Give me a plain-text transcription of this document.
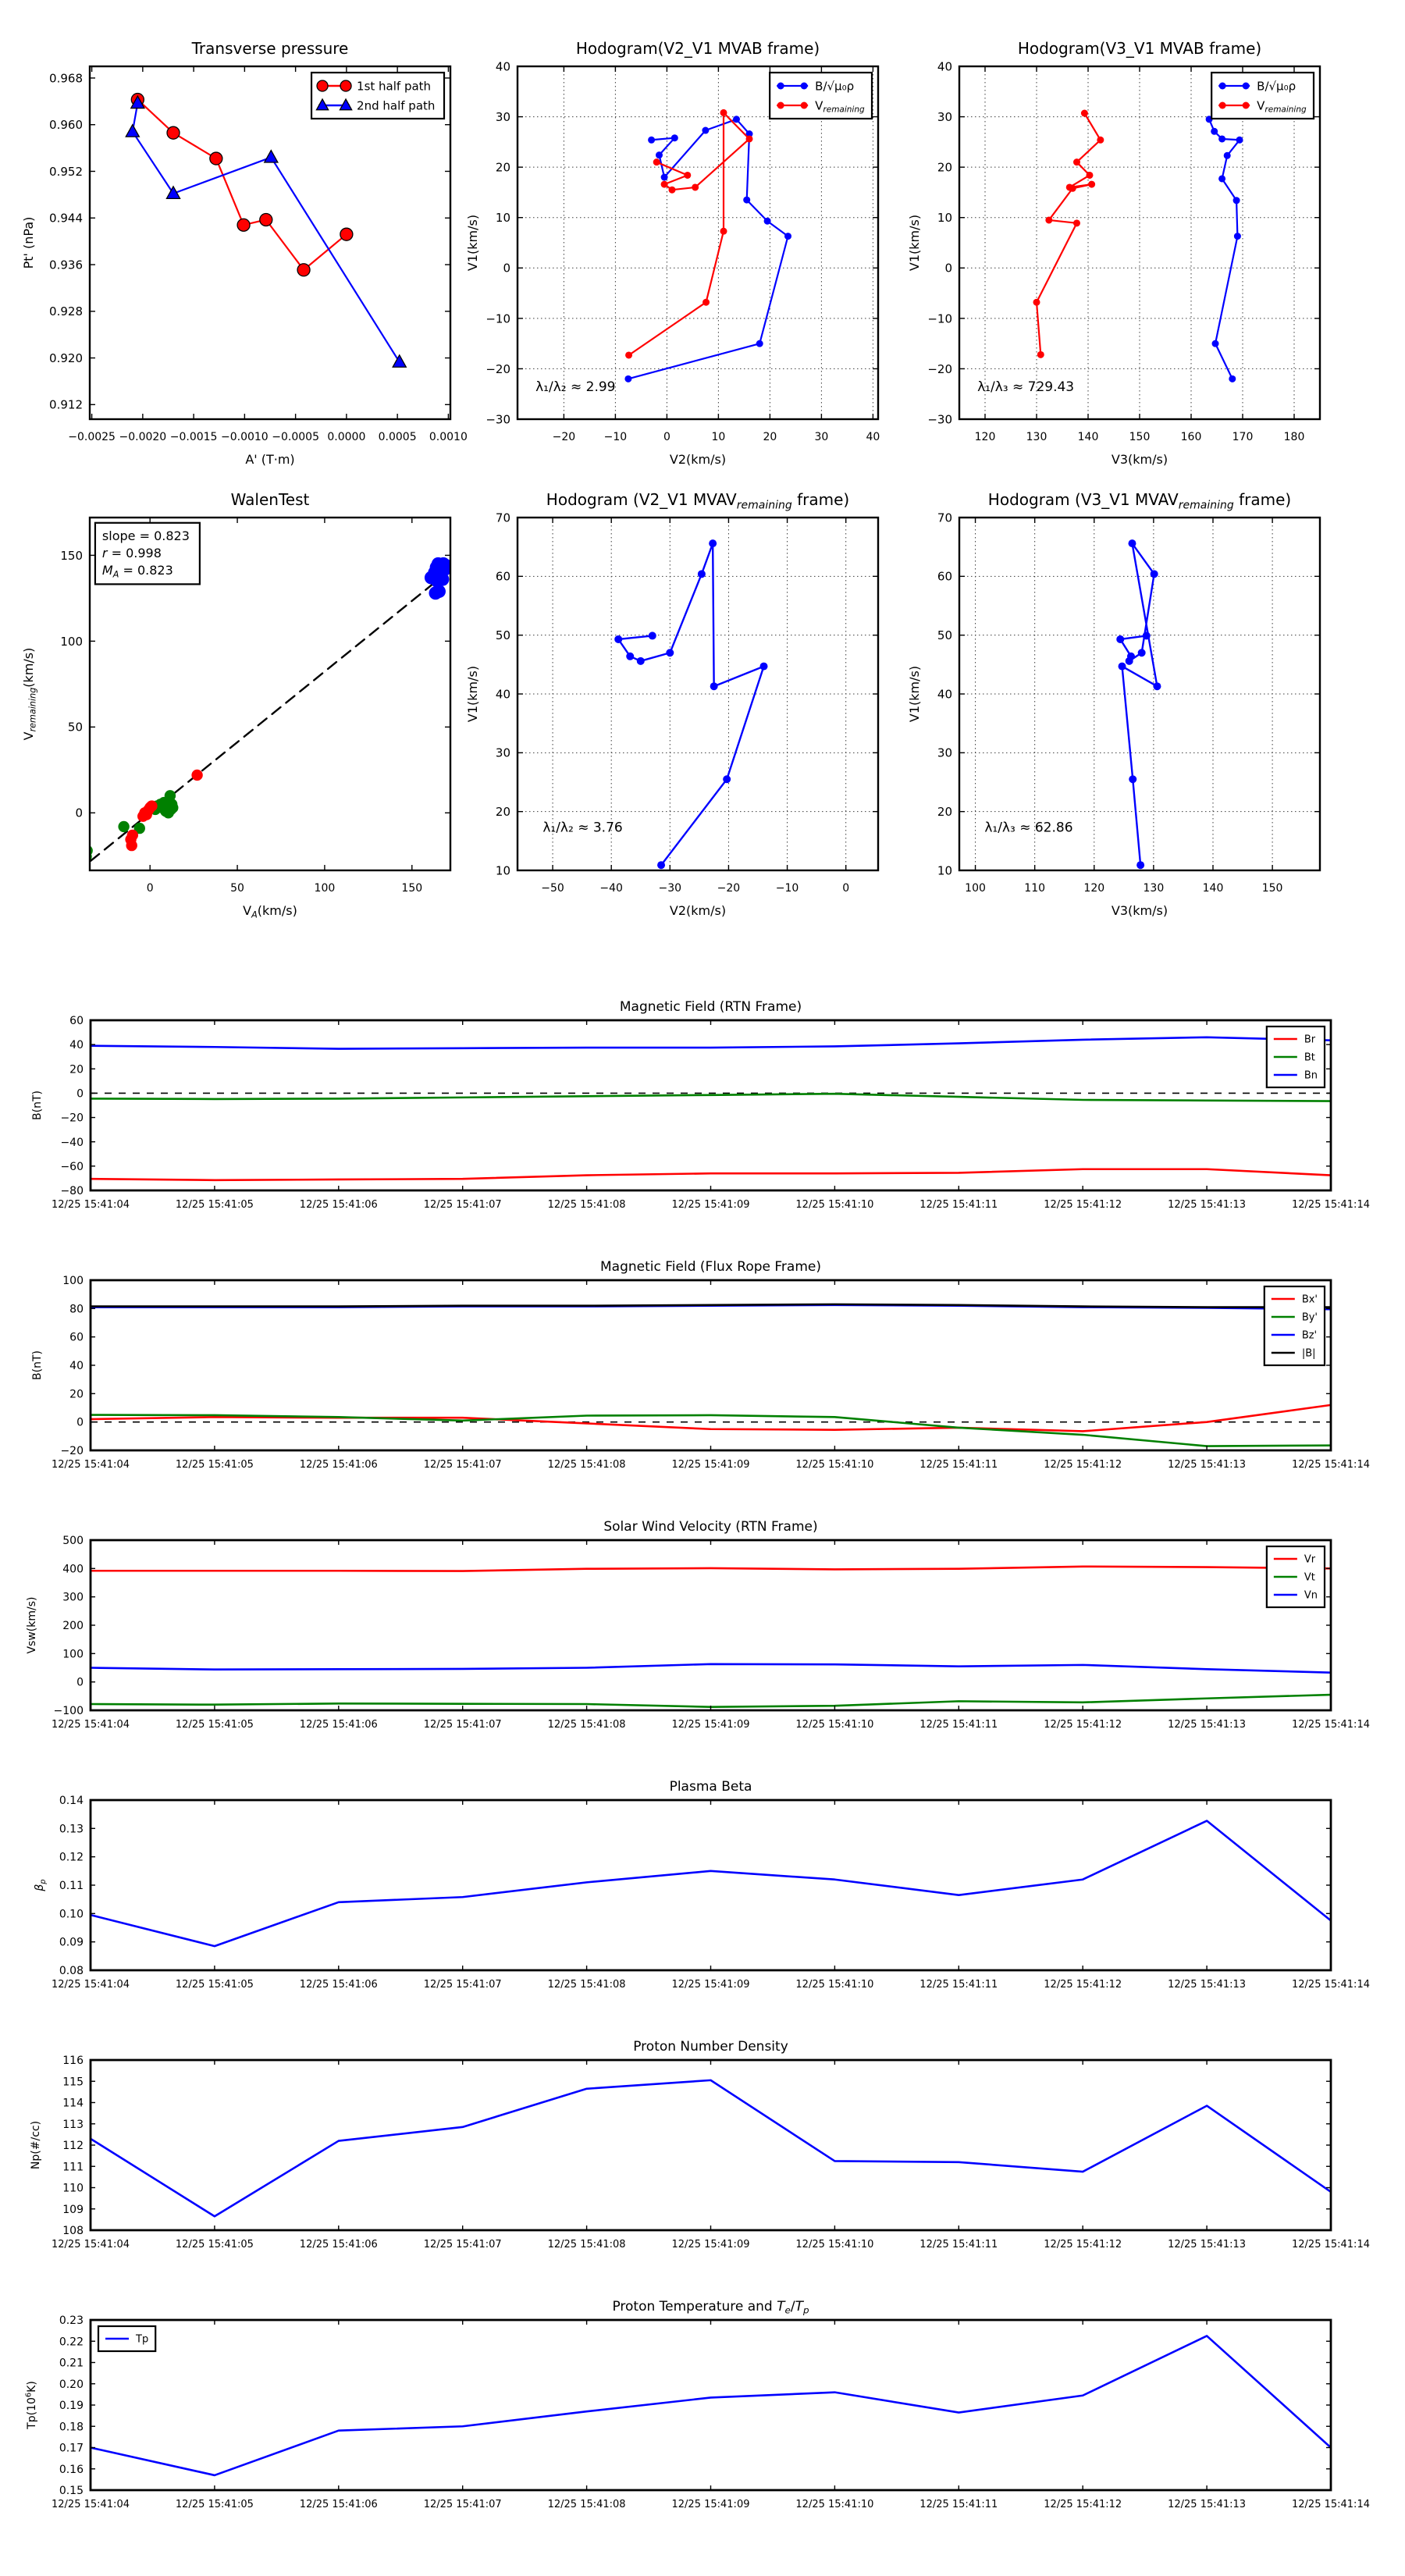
−0.0025 −0.0020 −0.0015 −0.0010 −0.0005 0.0000 0.0005 0.0010
0.912
0.920
0.928
0.936
0.944
0.952
0.960
0.968
Transverse pressure
A' (T·m)
Pt' (nPa)
1st half path
2nd half path
−20	−10	0	10	20	30	40
−30
−20
−10
0
10
20
30
40
Hodogram(V2_V1 MVAB frame)
V2(km/s)
V1(km/s)
λ₁/λ₂ ≈ 2.99
B/√μ₀ρ
$V_{remaining}$
120	130	140	150	160	170	180
−30
−20
−10
0
10
20
30
40
Hodogram(V3_V1 MVAB frame)
V3(km/s)
V1(km/s)
λ₁/λ₃ ≈ 729.43
B/√μ₀ρ
$V_{remaining}$
0	50	100	150
0
50
100
150
WalenTest
$V_A(km/s)$
$V_{remaining}(km/s)$
slope = 0.823
r = 0.998
$M_A = 0.823$
−50	−40	−30	−20	−10	0
10
20
30
40
50
60
70
Hodogram (V2_V1 $MVAV_{remaining}$ frame)
V2(km/s)
V1(km/s)
λ₁/λ₂ ≈ 3.76
100	110	120	130	140	150
10
20
30
40
50
60
70
Hodogram (V3_V1 $MVAV_{remaining}$ frame)
V3(km/s)
V1(km/s)
λ₁/λ₃ ≈ 62.86
12/25 15:41:04	12/25 15:41:05	12/25 15:41:06	12/25 15:41:07	12/25 15:41:08	12/25 15:41:09	12/25 15:41:10	12/25 15:41:11	12/25 15:41:12	12/25 15:41:13	12/25 15:41:14
−80
−60
−40
−20
0
20
40
60
Magnetic Field (RTN Frame)
B(nT)
Br
Bt
Bn
12/25 15:41:04	12/25 15:41:05	12/25 15:41:06	12/25 15:41:07	12/25 15:41:08	12/25 15:41:09	12/25 15:41:10	12/25 15:41:11	12/25 15:41:12	12/25 15:41:13	12/25 15:41:14
−20
0
20
40
60
80
100
Magnetic Field (Flux Rope Frame)
B(nT)
Bx'
By'
Bz'
|B|
12/25 15:41:04	12/25 15:41:05	12/25 15:41:06	12/25 15:41:07	12/25 15:41:08	12/25 15:41:09	12/25 15:41:10	12/25 15:41:11	12/25 15:41:12	12/25 15:41:13	12/25 15:41:14
−100
0
100
200
300
400
500
Solar Wind Velocity (RTN Frame)
Vsw(km/s)
Vr
Vt
Vn
12/25 15:41:04	12/25 15:41:05	12/25 15:41:06	12/25 15:41:07	12/25 15:41:08	12/25 15:41:09	12/25 15:41:10	12/25 15:41:11	12/25 15:41:12	12/25 15:41:13	12/25 15:41:14
0.08
0.09
0.10
0.11
0.12
0.13
0.14
Plasma Beta
$\beta_p$
12/25 15:41:04	12/25 15:41:05	12/25 15:41:06	12/25 15:41:07	12/25 15:41:08	12/25 15:41:09	12/25 15:41:10	12/25 15:41:11	12/25 15:41:12	12/25 15:41:13	12/25 15:41:14
108
109
110
111
112
113
114
115
116
Proton Number Density
Np(#/cc)
12/25 15:41:04	12/25 15:41:05	12/25 15:41:06	12/25 15:41:07	12/25 15:41:08	12/25 15:41:09	12/25 15:41:10	12/25 15:41:11	12/25 15:41:12	12/25 15:41:13	12/25 15:41:14
0.15
0.16
0.17
0.18
0.19
0.20
0.21
0.22
0.23
Proton Temperature and $T_e/T_p$
$Tp(10^6K)$
Tp
